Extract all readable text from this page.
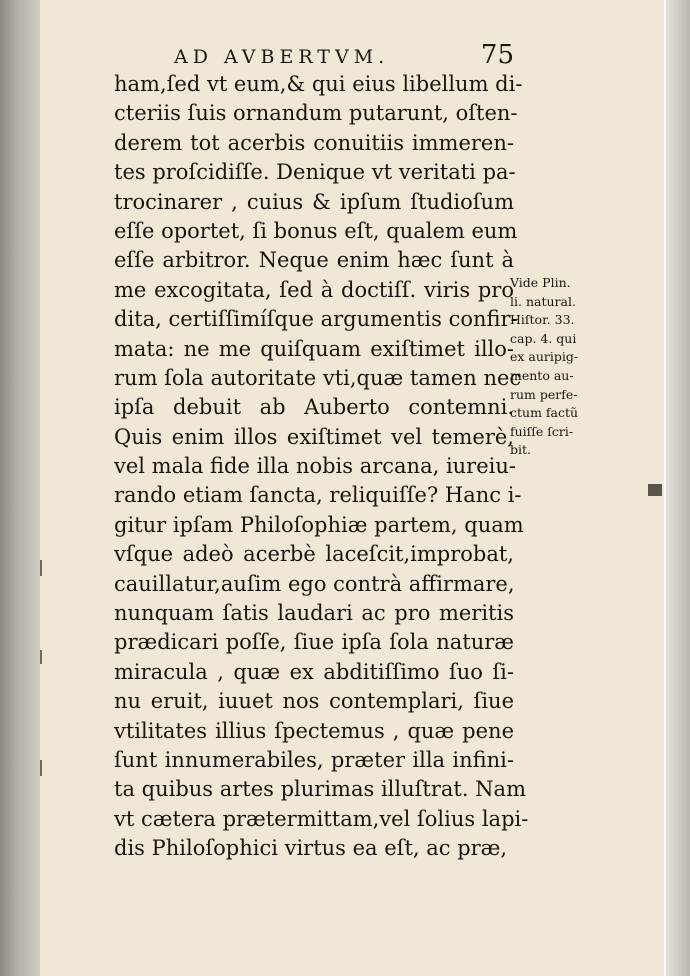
AD AVBERTVM.	75
ham,ſed vt eum,& qui eius libellum di-
cteriis ſuis ornandum putarunt, oſten-
derem tot acerbis conuitiis immeren-
tes proſcidiſſe. Denique vt veritati pa-
trocinarer , cuius & ipſum ſtudioſum
eſſe oportet, ſi bonus eſt, qualem eum
eſſe arbitror. Neque enim hæc ſunt à
me excogitata, ſed à doctiſſ. viris pro
dita, certiſſimíſque argumentis confir-
mata: ne me quiſquam exiſtimet illo-
rum ſola autoritate vti,quæ tamen nec
ipſa debuit ab Auberto contemni.
Quis enim illos exiſtimet vel temerè,
vel mala fide illa nobis arcana, iureiu-
rando etiam ſancta, reliquiſſe? Hanc i-
gitur ipſam Philoſophiæ partem, quam
vſque adeò acerbè laceſcit,improbat,
cauillatur,auſim ego contrà affirmare,
nunquam ſatis laudari ac pro meritis
prædicari poſſe, ſiue ipſa ſola naturæ
miracula , quæ ex abditiſſimo ſuo ſi-
nu eruit, iuuet nos contemplari, ſiue
vtilitates illius ſpectemus , quæ pene
ſunt innumerabiles, præter illa infini-
ta quibus artes plurimas illuſtrat. Nam
vt cætera prætermittam,vel ſolius lapi-
dis Philoſophici virtus ea eſt, ac præ,
Vide Plin.
li. natural.
Hiſtor. 33.
cap. 4. qui
ex auripig-
mento au-
rum perfe-
ctum factũ
fuiſſe ſcri-
bit.
